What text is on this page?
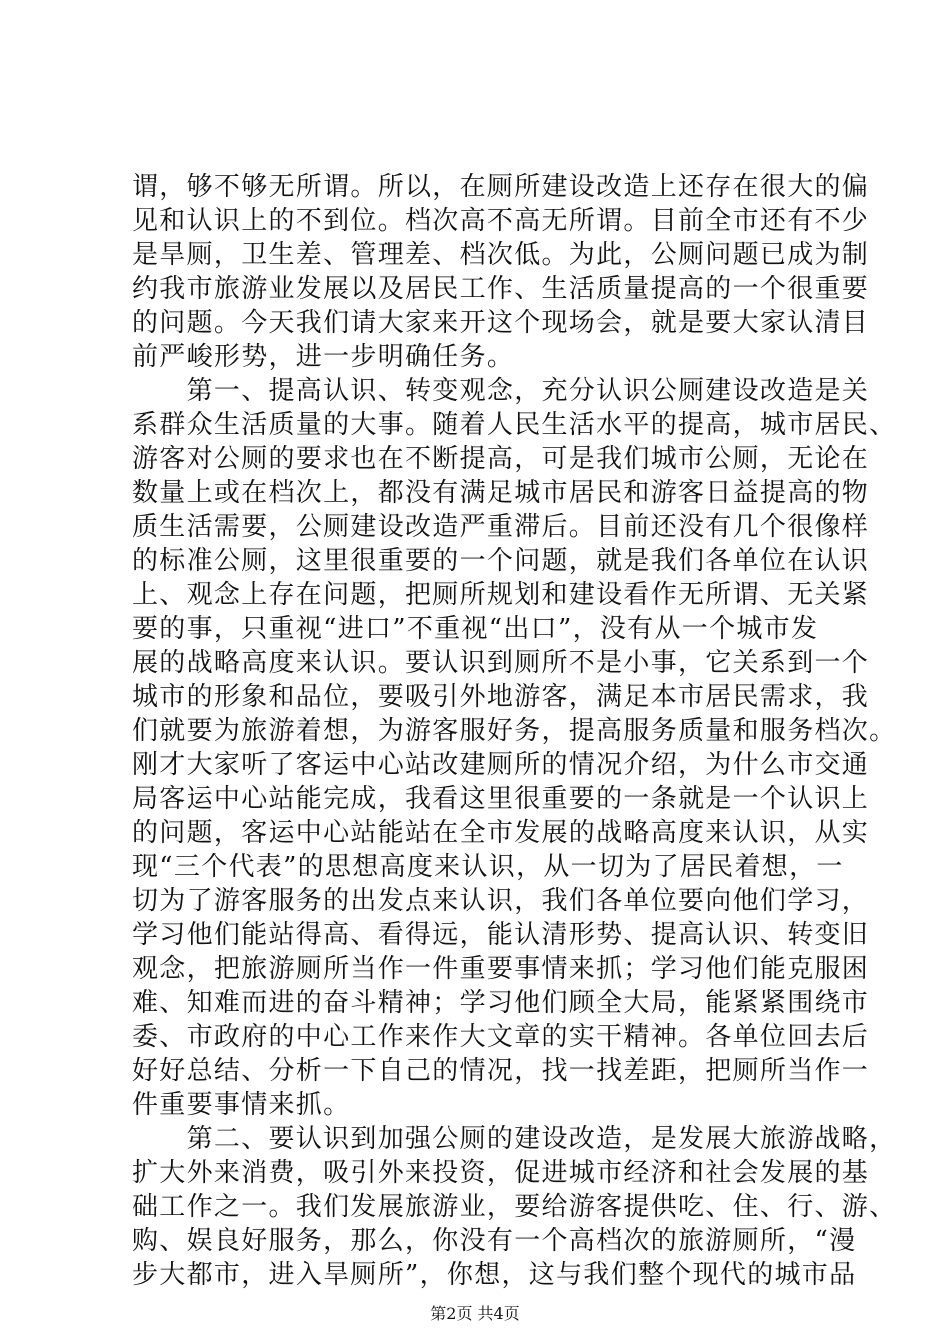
谓，够不够无所谓。所以，在厕所建设改造上还存在很大的偏
见和认识上的不到位。档次高不高无所谓。目前全市还有不少
是旱厕，卫生差、管理差、档次低。为此，公厕问题已成为制
约我市旅游业发展以及居民工作、生活质量提高的一个很重要
的问题。今天我们请大家来开这个现场会，就是要大家认清目
前严峻形势，进一步明确任务。
　　第一、提高认识、转变观念，充分认识公厕建设改造是关
系群众生活质量的大事。随着人民生活水平的提高，城市居民、
游客对公厕的要求也在不断提高，可是我们城市公厕，无论在
数量上或在档次上，都没有满足城市居民和游客日益提高的物
质生活需要，公厕建设改造严重滞后。目前还没有几个很像样
的标准公厕，这里很重要的一个问题，就是我们各单位在认识
上、观念上存在问题，把厕所规划和建设看作无所谓、无关紧
要的事，只重视“进口”不重视“出口”，没有从一个城市发
展的战略高度来认识。要认识到厕所不是小事，它关系到一个
城市的形象和品位，要吸引外地游客，满足本市居民需求，我
们就要为旅游着想，为游客服好务，提高服务质量和服务档次。
刚才大家听了客运中心站改建厕所的情况介绍，为什么市交通
局客运中心站能完成，我看这里很重要的一条就是一个认识上
的问题，客运中心站能站在全市发展的战略高度来认识，从实
现“三个代表”的思想高度来认识，从一切为了居民着想，一
切为了游客服务的出发点来认识，我们各单位要向他们学习，
学习他们能站得高、看得远，能认清形势、提高认识、转变旧
观念，把旅游厕所当作一件重要事情来抓；学习他们能克服困
难、知难而进的奋斗精神；学习他们顾全大局，能紧紧围绕市
委、市政府的中心工作来作大文章的实干精神。各单位回去后
好好总结、分析一下自己的情况，找一找差距，把厕所当作一
件重要事情来抓。
　　第二、要认识到加强公厕的建设改造，是发展大旅游战略，
扩大外来消费，吸引外来投资，促进城市经济和社会发展的基
础工作之一。我们发展旅游业，要给游客提供吃、住、行、游、
购、娱良好服务，那么，你没有一个高档次的旅游厕所，“漫
步大都市，进入旱厕所”，你想，这与我们整个现代的城市品
第2页 共4页
